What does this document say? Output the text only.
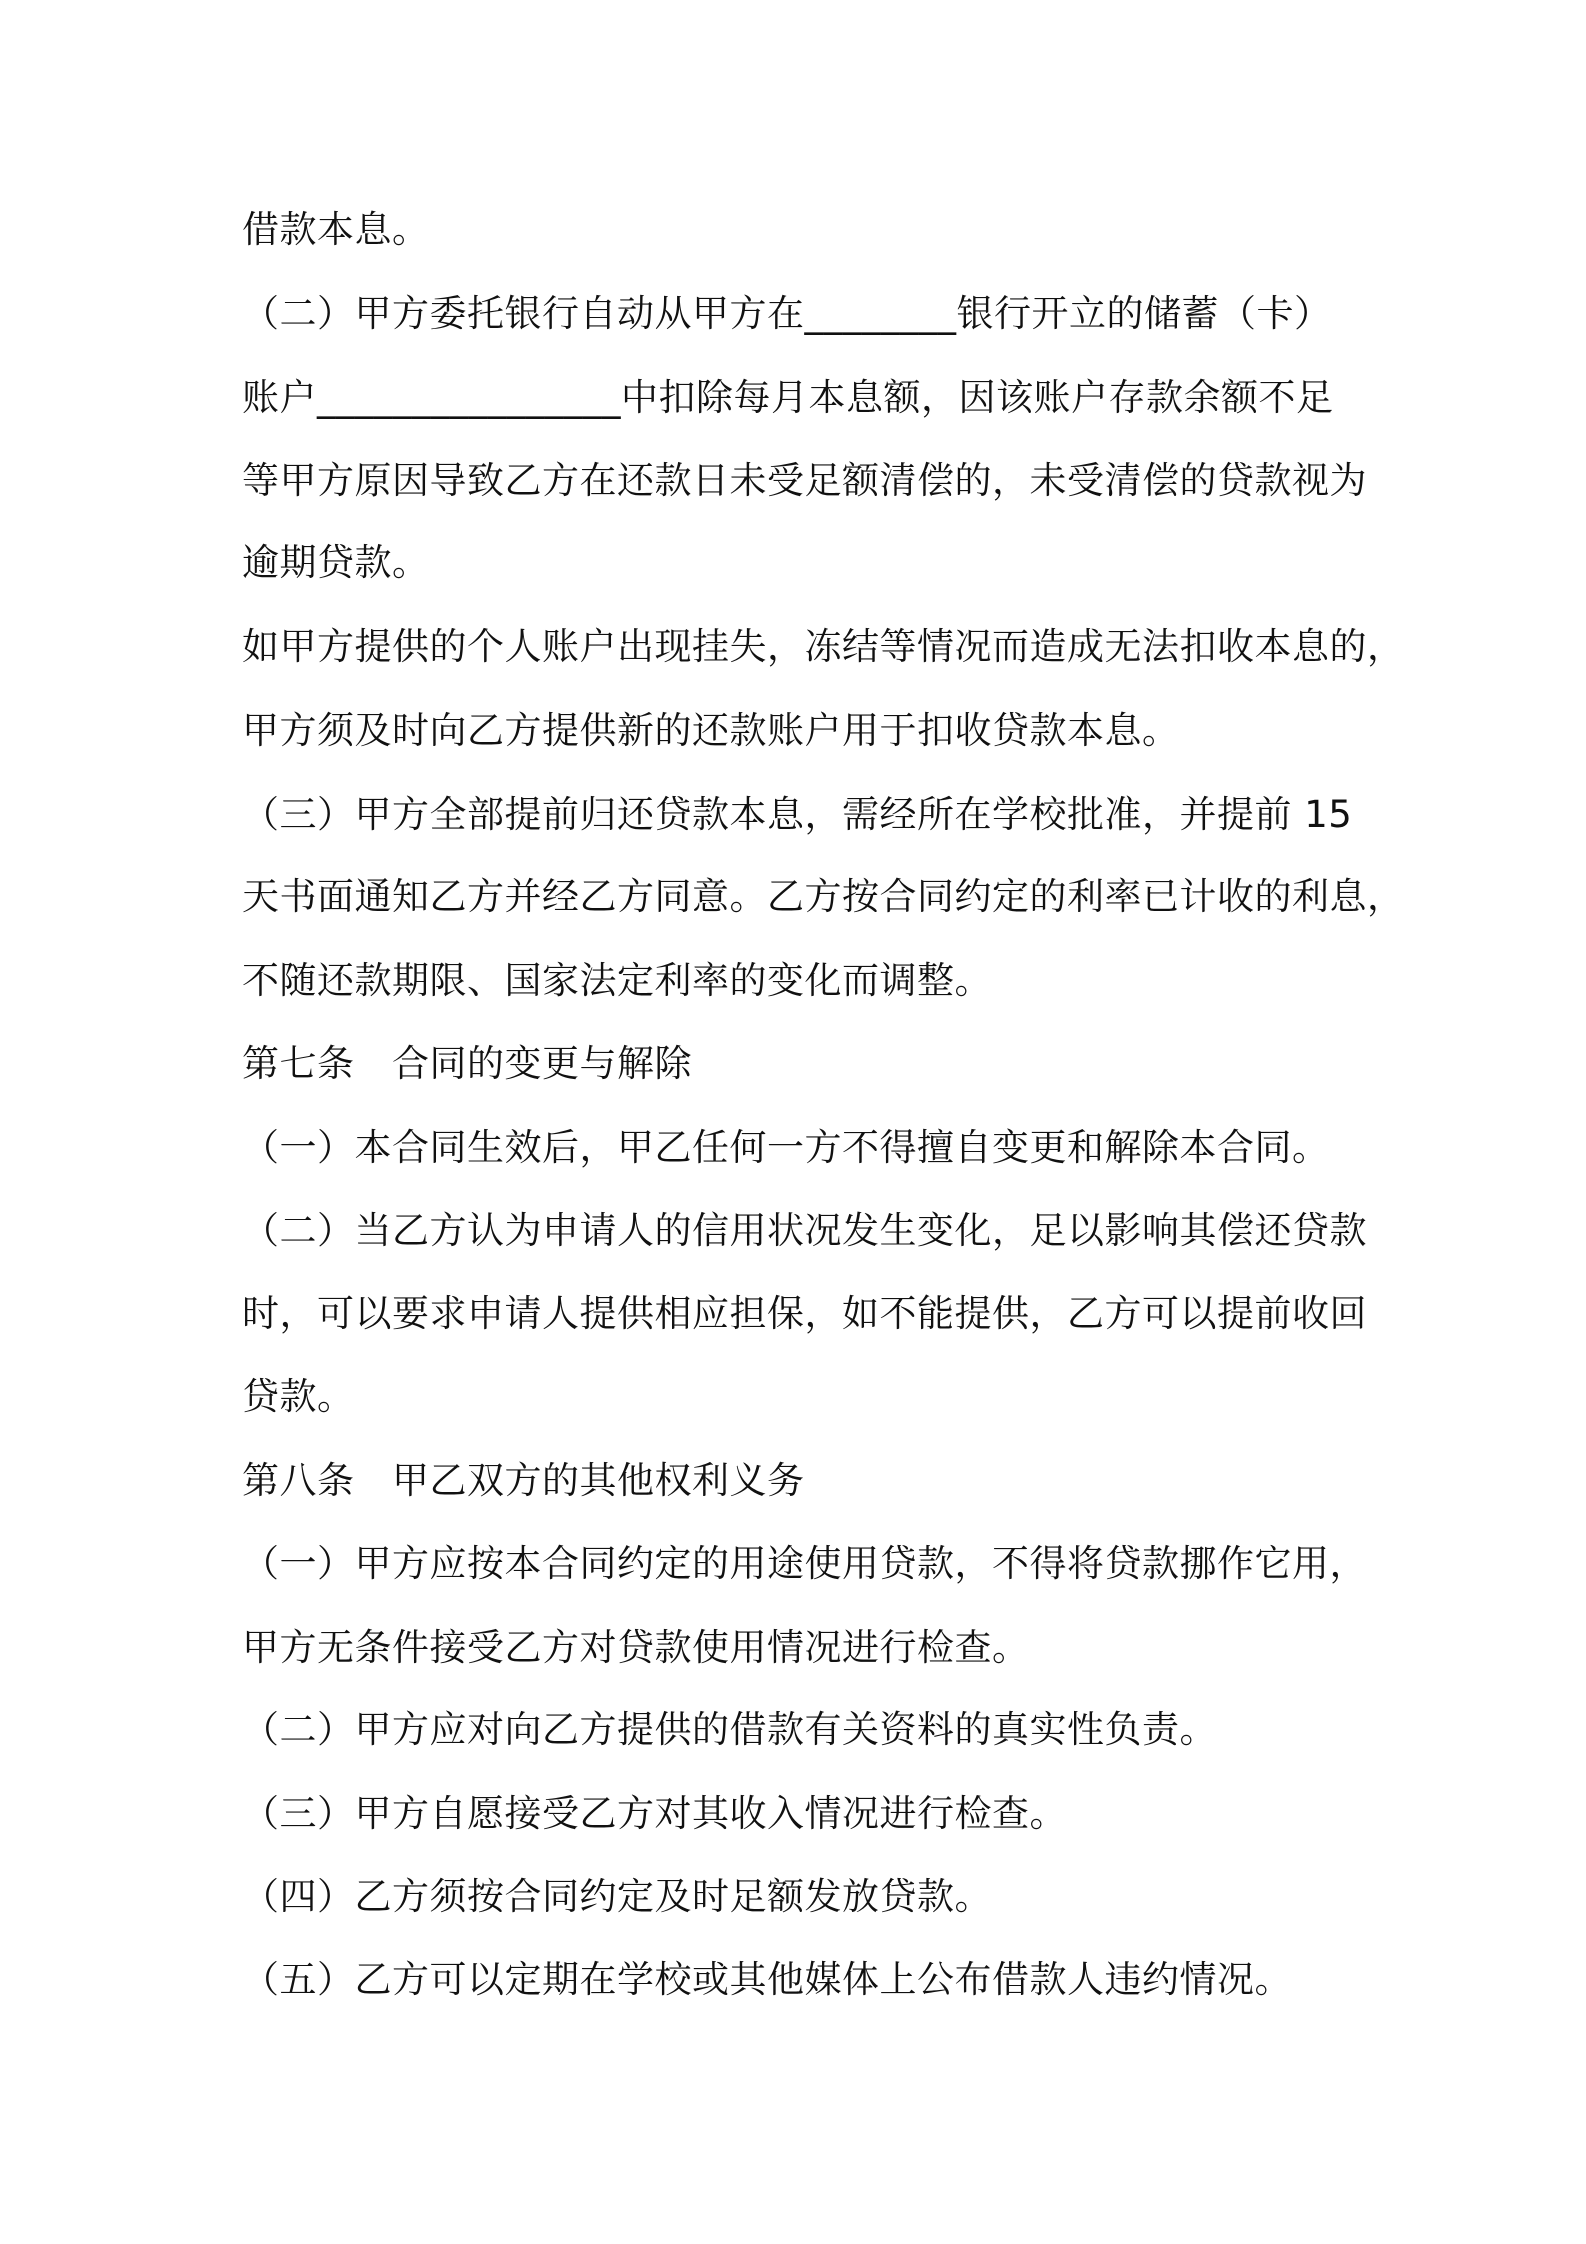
借款本息。
（二）甲方委托银行自动从甲方在________银行开立的储蓄（卡）
账户________________中扣除每月本息额，因该账户存款余额不足
等甲方原因导致乙方在还款日未受足额清偿的，未受清偿的贷款视为
逾期贷款。
如甲方提供的个人账户出现挂失，冻结等情况而造成无法扣收本息的，
甲方须及时向乙方提供新的还款账户用于扣收贷款本息。
（三）甲方全部提前归还贷款本息，需经所在学校批准，并提前 15
天书面通知乙方并经乙方同意。乙方按合同约定的利率已计收的利息，
不随还款期限、国家法定利率的变化而调整。
第七条　合同的变更与解除
（一）本合同生效后，甲乙任何一方不得擅自变更和解除本合同。
（二）当乙方认为申请人的信用状况发生变化，足以影响其偿还贷款
时，可以要求申请人提供相应担保，如不能提供，乙方可以提前收回
贷款。
第八条　甲乙双方的其他权利义务
（一）甲方应按本合同约定的用途使用贷款，不得将贷款挪作它用，
甲方无条件接受乙方对贷款使用情况进行检查。
（二）甲方应对向乙方提供的借款有关资料的真实性负责。
（三）甲方自愿接受乙方对其收入情况进行检查。
（四）乙方须按合同约定及时足额发放贷款。
（五）乙方可以定期在学校或其他媒体上公布借款人违约情况。
